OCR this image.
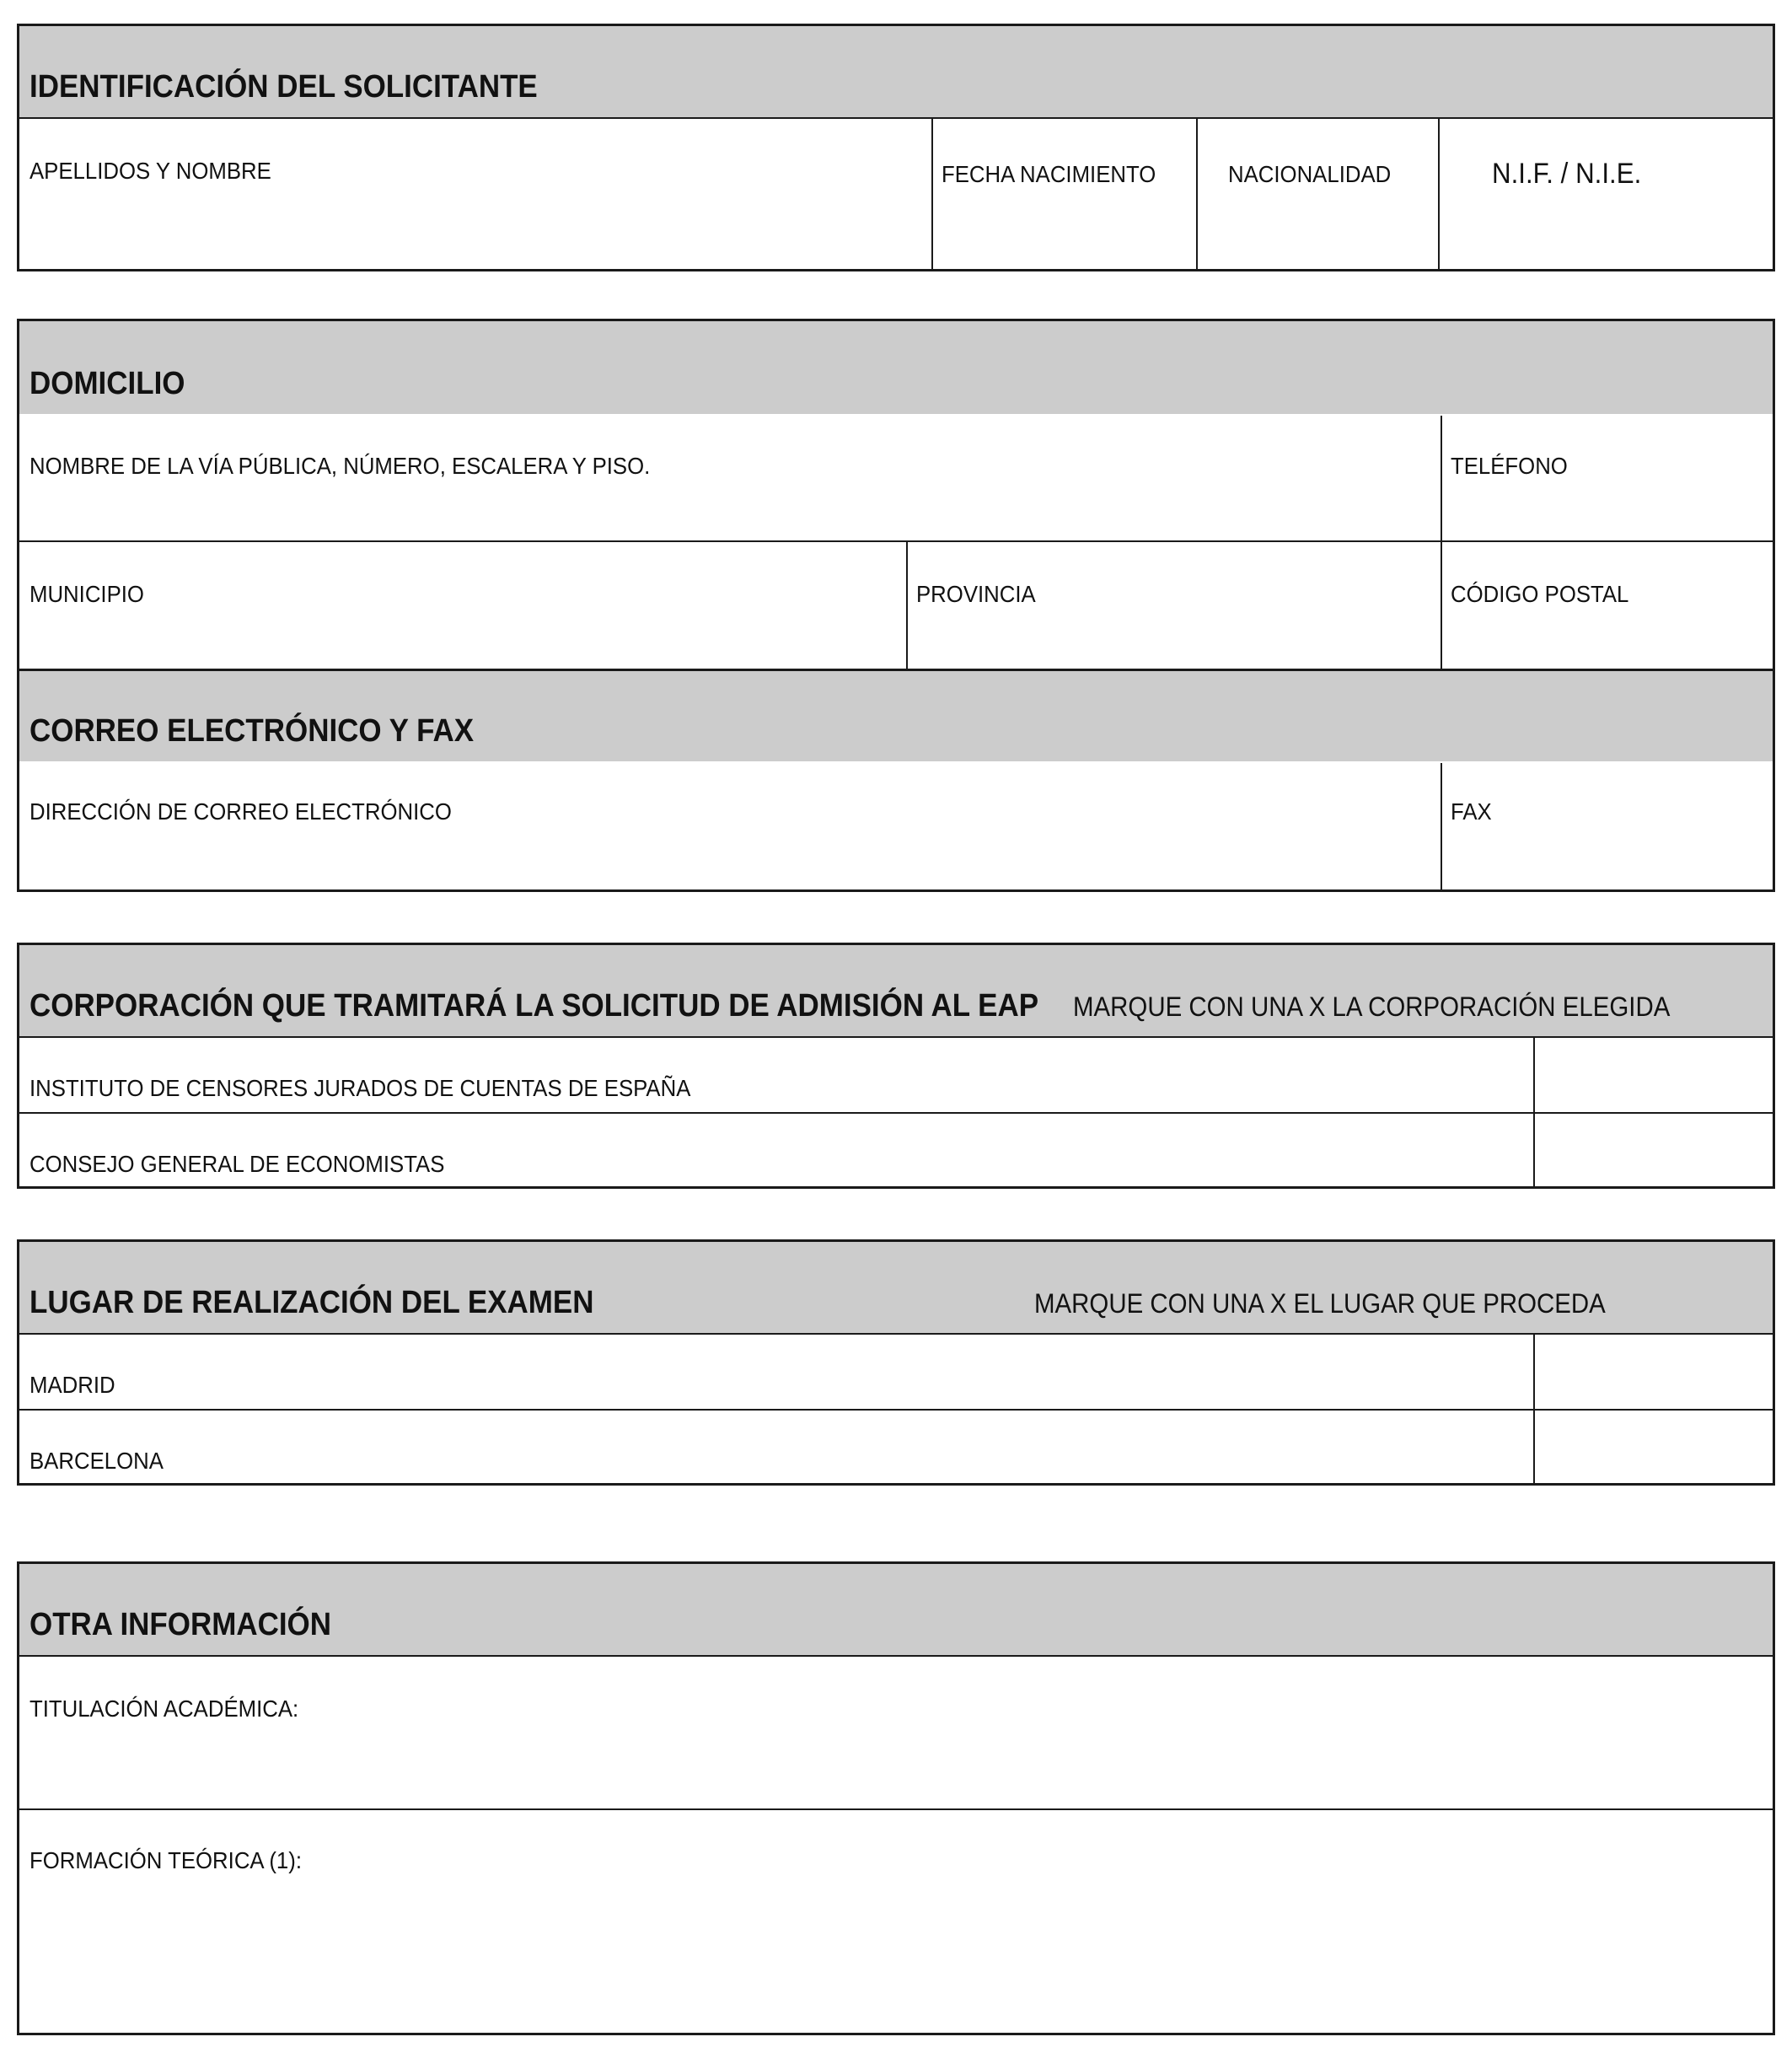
IDENTIFICACIÓN DEL SOLICITANTE
APELLIDOS Y NOMBRE	FECHA NACIMIENTO	NACIONALIDAD	N.I.F. / N.I.E.
DOMICILIO
NOMBRE DE LA VÍA PÚBLICA, NÚMERO, ESCALERA Y PISO.	TELÉFONO
MUNICIPIO	PROVINCIA	CÓDIGO POSTAL
CORREO ELECTRÓNICO Y FAX
DIRECCIÓN DE CORREO ELECTRÓNICO	FAX
CORPORACIÓN QUE TRAMITARÁ LA SOLICITUD DE ADMISIÓN AL EAP MARQUE CON UNA X LA CORPORACIÓN ELEGIDA
INSTITUTO DE CENSORES JURADOS DE CUENTAS DE ESPAÑA
CONSEJO GENERAL DE ECONOMISTAS
LUGAR DE REALIZACIÓN DEL EXAMEN	MARQUE CON UNA X EL LUGAR QUE PROCEDA
MADRID
BARCELONA
OTRA INFORMACIÓN
TITULACIÓN ACADÉMICA:
FORMACIÓN TEÓRICA (1):
